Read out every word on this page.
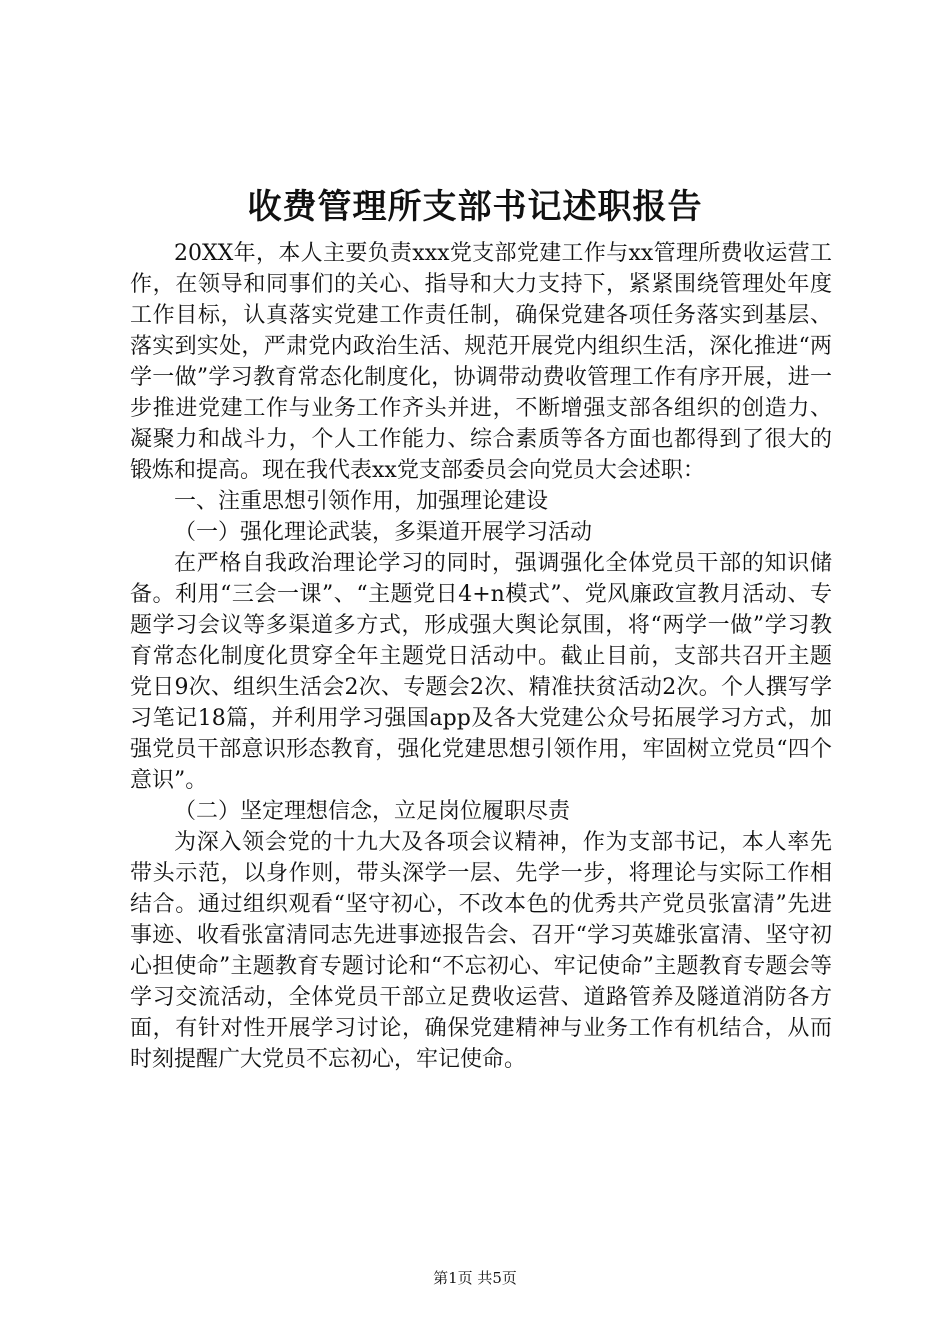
收费管理所支部书记述职报告

20XX年，本人主要负责xxx党支部党建工作与xx管理所费收运营工作，在领导和同事们的关心、指导和大力支持下，紧紧围绕管理处年度工作目标，认真落实党建工作责任制，确保党建各项任务落实到基层、落实到实处，严肃党内政治生活、规范开展党内组织生活，深化推进“两学一做”学习教育常态化制度化，协调带动费收管理工作有序开展，进一步推进党建工作与业务工作齐头并进，不断增强支部各组织的创造力、凝聚力和战斗力，个人工作能力、综合素质等各方面也都得到了很大的锻炼和提高。现在我代表xx党支部委员会向党员大会述职：

一、注重思想引领作用，加强理论建设

（一）强化理论武装，多渠道开展学习活动

在严格自我政治理论学习的同时，强调强化全体党员干部的知识储备。利用“三会一课”、“主题党日4+n模式”、党风廉政宣教月活动、专题学习会议等多渠道多方式，形成强大舆论氛围，将“两学一做”学习教育常态化制度化贯穿全年主题党日活动中。截止目前，支部共召开主题党日9次、组织生活会2次、专题会2次、精准扶贫活动2次。个人撰写学习笔记18篇，并利用学习强国app及各大党建公众号拓展学习方式，加强党员干部意识形态教育，强化党建思想引领作用，牢固树立党员“四个意识”。

（二）坚定理想信念，立足岗位履职尽责

为深入领会党的十九大及各项会议精神，作为支部书记，本人率先带头示范，以身作则，带头深学一层、先学一步，将理论与实际工作相结合。通过组织观看“坚守初心，不改本色的优秀共产党员张富清”先进事迹、收看张富清同志先进事迹报告会、召开“学习英雄张富清、坚守初心担使命”主题教育专题讨论和“不忘初心、牢记使命”主题教育专题会等学习交流活动，全体党员干部立足费收运营、道路管养及隧道消防各方面，有针对性开展学习讨论，确保党建精神与业务工作有机结合，从而时刻提醒广大党员不忘初心，牢记使命。

第1页 共5页
